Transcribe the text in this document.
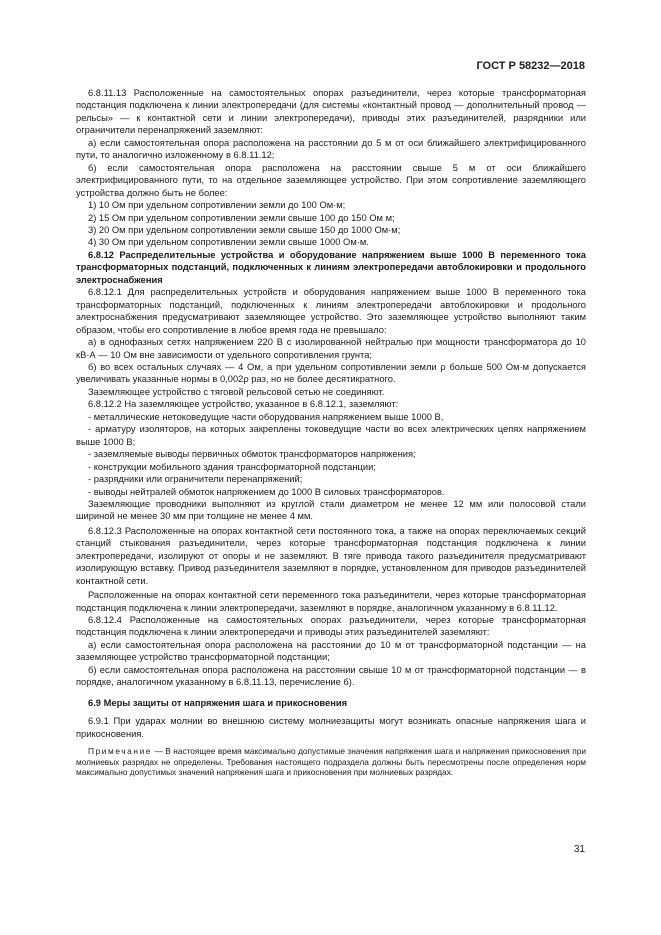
ГОСТ Р 58232—2018

6.8.11.13 Расположенные на самостоятельных опорах разъединители, через которые трансформаторная подстанция подключена к линии электропередачи (для системы «контактный провод — дополнительный провод — рельсы» — к контактной сети и линии электропередачи), приводы этих разъединителей, разрядники или ограничители перенапряжений заземляют:

а) если самостоятельная опора расположена на расстоянии до 5 м от оси ближайшего электрифицированного пути, то аналогично изложенному в 6.8.11.12;

б) если самостоятельная опора расположена на расстоянии свыше 5 м от оси ближайшего электрифицированного пути, то на отдельное заземляющее устройство. При этом сопротивление заземляющего устройства должно быть не более:

1) 10 Ом при удельном сопротивлении земли до 100 Ом·м;

2) 15 Ом при удельном сопротивлении земли свыше 100 до 150 Ом м;

3) 20 Ом при удельном сопротивлении земли свыше 150 до 1000 Ом·м;

4) 30 Ом при удельном сопротивлении земли свыше 1000 Ом·м.

6.8.12 Распределительные устройства и оборудование напряжением выше 1000 В переменного тока трансформаторных подстанций, подключенных к линиям электропередачи автоблокировки и продольного электроснабжения

6.8.12.1 Для распределительных устройств и оборудования напряжением выше 1000 В переменного тока трансформаторных подстанций, подключенных к линиям электропередачи автоблокировки и продольного электроснабжения предусматривают заземляющее устройство. Это заземляющее устройство выполняют таким образом, чтобы его сопротивление в любое время года не превышало:

а) в однофазных сетях напряжением 220 В с изолированной нейтралью при мощности трансформатора до 10 кВ·А — 10 Ом вне зависимости от удельного сопротивления грунта;

б) во всех остальных случаях — 4 Ом, а при удельном сопротивлении земли ρ больше 500 Ом·м допускается увеличивать указанные нормы в 0,002ρ раз, но не более десятикратного.

Заземляющее устройство с тяговой рельсовой сетью не соединяют.

6.8.12.2 На заземляющее устройство, указанное в 6.8.12.1, заземляют:

- металлические нетоковедущие части оборудования напряжением выше 1000 В,

- арматуру изоляторов, на которых закреплены токоведущие части во всех электрических цепях напряжением выше 1000 В;

- заземляемые выводы первичных обмоток трансформаторов напряжения;

- конструкции мобильного здания трансформаторной подстанции;

- разрядники или ограничители перенапряжений;

- выводы нейтралей обмоток напряжением до 1000 В силовых трансформаторов.

Заземляющие проводники выполняют из круглой стали диаметром не менее 12 мм или полосовой стали шириной не менее 30 мм при толщине не менее 4 мм.

6.8.12.3 Расположенные на опорах контактной сети постоянного тока, а также на опорах переключаемых секций станций стыкования разъединители, через которые трансформаторная подстанция подключена к линии электропередачи, изолируют от опоры и не заземляют. В тяге привода такого разъединителя предусматривают изолирующую вставку. Привод разъединителя заземляют в порядке, установленном для приводов разъединителей контактной сети.

Расположенные на опорах контактной сети переменного тока разъединители, через которые трансформаторная подстанция подключена к линии электропередачи, заземляют в порядке, аналогичном указанному в 6.8.11.12.

6.8.12.4 Расположенные на самостоятельных опорах разъединители, через которые трансформаторная подстанция подключена к линии электропередачи и приводы этих разъединителей заземляют:

а) если самостоятельная опора расположена на расстоянии до 10 м от трансформаторной подстанции — на заземляющее устройство трансформаторной подстанции;

б) если самостоятельная опора расположена на расстоянии свыше 10 м от трансформаторной подстанции — в порядке, аналогичном указанному в 6.8.11.13, перечисление б).

6.9 Меры защиты от напряжения шага и прикосновения

6.9.1 При ударах молнии во внешнюю систему молниезащиты могут возникать опасные напряжения шага и прикосновения.

Примечание — В настоящее время максимально допустимые значения напряжения шага и напряжения прикосновения при молниевых разрядах не определены. Требования настоящего подраздела должны быть пересмотрены после определения норм максимально допустимых значений напряжения шага и прикосновения при молниевых разрядах.
31
